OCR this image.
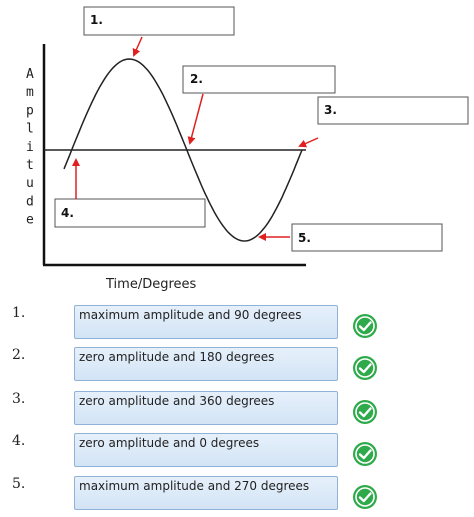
A
m
p
l
i
t
u
d
e
Time/Degrees
1.
2.
3.
4.
5.
1.	maximum amplitude and 90 degrees
2.	zero amplitude and 180 degrees
3.	zero amplitude and 360 degrees
4.	zero amplitude and 0 degrees
5.	maximum amplitude and 270 degrees
